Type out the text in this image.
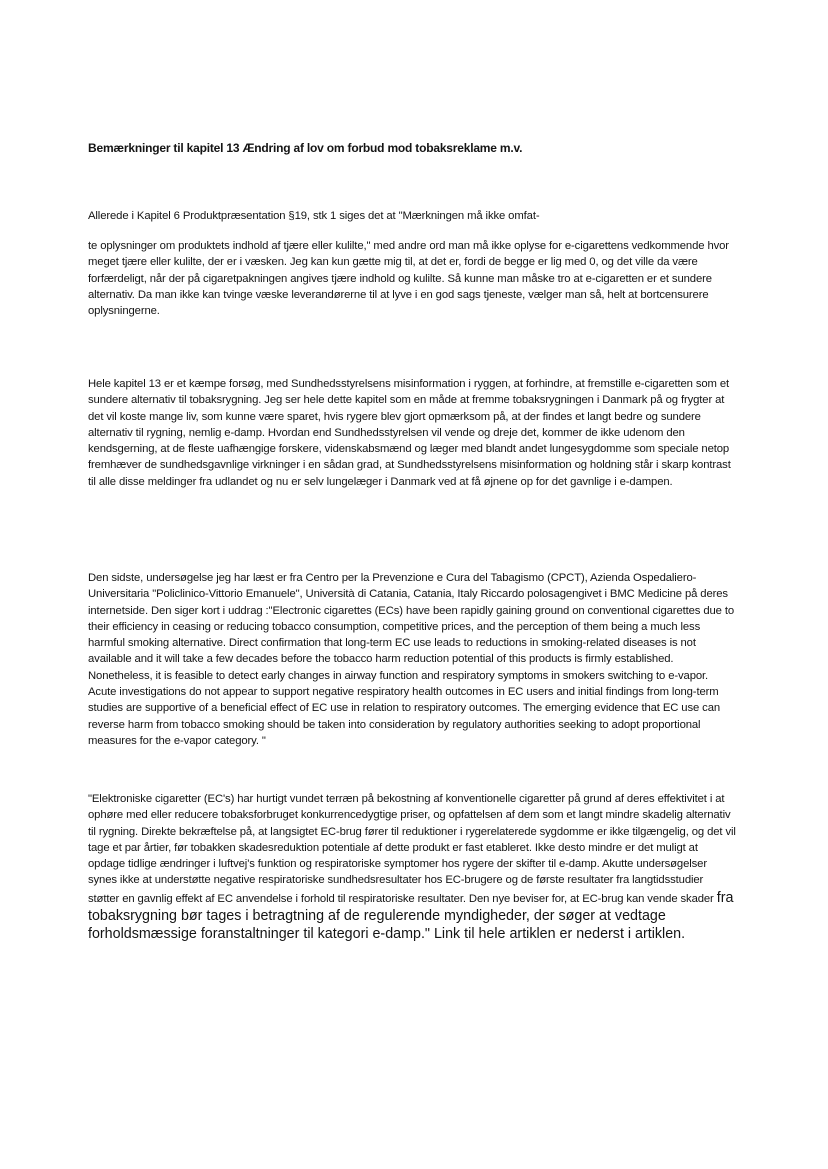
Bemærkninger til kapitel 13 Ændring af lov om forbud mod tobaksreklame m.v.

Allerede i Kapitel 6 Produktpræsentation §19, stk 1 siges det at "Mærkningen må ikke omfat-

te oplysninger om produktets indhold af tjære eller kulilte," med andre ord man må ikke oplyse for e-cigarettens vedkommende hvor meget tjære eller kulilte, der er i væsken. Jeg kan kun gætte mig til, at det er, fordi de begge er lig med 0, og det ville da være forfærdeligt, når der på cigaretpakningen angives tjære indhold og kulilte. Så kunne man måske tro at e-cigaretten er et sundere alternativ. Da man ikke kan tvinge væske leverandørerne til at lyve i en god sags tjeneste, vælger man så, helt at bortcensurere oplysningerne.

Hele kapitel 13 er et kæmpe forsøg, med Sundhedsstyrelsens misinformation i ryggen, at forhindre, at fremstille e-cigaretten som et sundere alternativ til tobaksrygning. Jeg ser hele dette kapitel som en måde at fremme tobaksrygningen i Danmark på og frygter at det vil koste mange liv, som kunne være sparet, hvis rygere blev gjort opmærksom på, at der findes et langt bedre og sundere alternativ til rygning, nemlig e-damp. Hvordan end Sundhedsstyrelsen vil vende og dreje det, kommer de ikke udenom den kendsgerning, at de fleste uafhængige forskere, videnskabsmænd og læger med blandt andet lungesygdomme som speciale netop fremhæver de sundhedsgavnlige virkninger i en sådan grad, at Sundhedsstyrelsens misinformation og holdning står i skarp kontrast til alle disse meldinger fra udlandet og nu er selv lungelæger i Danmark ved at få øjnene op for det gavnlige i e-dampen.

Den sidste, undersøgelse jeg har læst er fra Centro per la Prevenzione e Cura del Tabagismo (CPCT), Azienda Ospedaliero-Universitaria "Policlinico-Vittorio Emanuele", Università di Catania, Catania, Italy Riccardo polosagengivet i BMC Medicine på deres internetside. Den siger kort i uddrag :"Electronic cigarettes (ECs) have been rapidly gaining ground on conventional cigarettes due to their efficiency in ceasing or reducing tobacco consumption, competitive prices, and the perception of them being a much less harmful smoking alternative. Direct confirmation that long-term EC use leads to reductions in smoking-related diseases is not available and it will take a few decades before the tobacco harm reduction potential of this products is firmly established. Nonetheless, it is feasible to detect early changes in airway function and respiratory symptoms in smokers switching to e-vapor. Acute investigations do not appear to support negative respiratory health outcomes in EC users and initial findings from long-term studies are supportive of a beneficial effect of EC use in relation to respiratory outcomes. The emerging evidence that EC use can reverse harm from tobacco smoking should be taken into consideration by regulatory authorities seeking to adopt proportional measures for the e-vapor category. "

"Elektroniske cigaretter (EC's) har hurtigt vundet terræn på bekostning af konventionelle cigaretter på grund af deres effektivitet i at ophøre med eller reducere tobaksforbruget konkurrencedygtige priser, og opfattelsen af dem som et langt mindre skadelig alternativ til rygning. Direkte bekræftelse på, at langsigtet EC-brug fører til reduktioner i rygerelaterede sygdomme er ikke tilgængelig, og det vil tage et par årtier, før tobakken skadesreduktion potentiale af dette produkt er fast etableret. Ikke desto mindre er det muligt at opdage tidlige ændringer i luftvej's funktion og respiratoriske symptomer hos rygere der skifter til e-damp. Akutte undersøgelser synes ikke at understøtte negative respiratoriske sundhedsresultater hos EC-brugere og de første resultater fra langtidsstudier støtter en gavnlig effekt af EC anvendelse i forhold til respiratoriske resultater. Den nye beviser for, at EC-brug kan vende skader fra tobaksrygning bør tages i betragtning af de regulerende myndigheder, der søger at vedtage forholdsmæssige foranstaltninger til kategori e-damp." Link til hele artiklen er nederst i artiklen.
